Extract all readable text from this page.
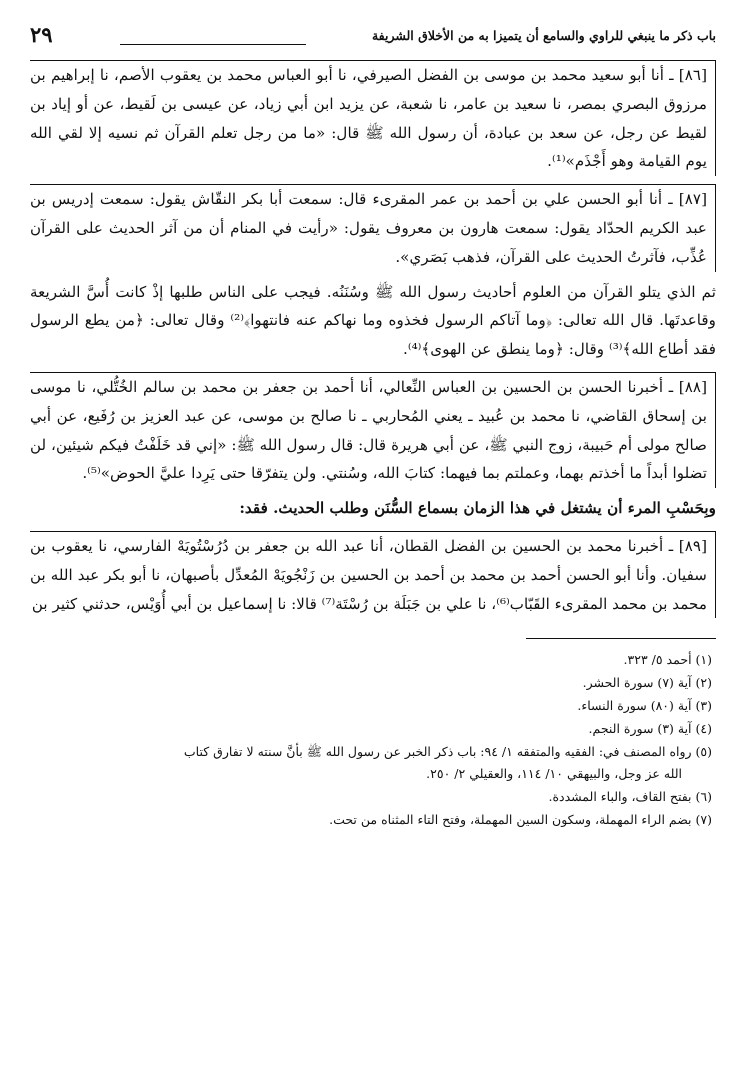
باب ذكر ما ينبغي للراوي والسامع أن يتميزا به من الأخلاق الشريفة
٢٩

[٨٦] ـ أنا أبو سعيد محمد بن موسى بن الفضل الصيرفي، نا أبو العباس محمد بن يعقوب الأصم، نا إبراهيم بن مرزوق البصري بمصر، نا سعيد بن عامر، نا شعبة، عن يزيد ابن أبي زياد، عن عيسى بن لَقيط، عن أو إياد بن لقيط عن رجل، عن سعد بن عبادة، أن رسول الله ﷺ قال: «ما من رجل تعلم القرآن ثم نسيه إلا لقي الله يوم القيامة وهو أَجْذَم»⁽¹⁾.

[٨٧] ـ أنا أبو الحسن علي بن أحمد بن عمر المقرىء قال: سمعت أبا بكر النقّاش يقول: سمعت إدريس بن عبد الكريم الحدّاد يقول: سمعت هارون بن معروف يقول: «رأيت في المنام أن من آثر الحديث على القرآن عُذِّب، فآثرتُ الحديث على القرآن، فذهب بَصَري».

ثم الذي يتلو القرآن من العلوم أحاديث رسول الله ﷺ وسُنَنُه. فيجب على الناس طلبها إذْ كانت أُسَّ الشريعة وقاعدتَها. قال الله تعالى: ﴿وما آتاكم الرسول فخذوه وما نهاكم عنه فانتهوا﴾⁽²⁾ وقال تعالى: ﴿من يطع الرسول فقد أطاع الله﴾⁽³⁾ وقال: ﴿وما ينطق عن الهوى﴾⁽⁴⁾.

[٨٨] ـ أخبرنا الحسن بن الحسين بن العباس النِّعالي، أنا أحمد بن جعفر بن محمد بن سالم الخُتُّلي، نا موسى بن إسحاق القاضي، نا محمد بن عُبيد ـ يعني المُحاربي ـ نا صالح بن موسى، عن عبد العزيز بن رُفَيع، عن أبي صالح مولى أم حَبيبة، زوج النبي ﷺ، عن أبي هريرة قال: قال رسول الله ﷺ: «إني قد خَلَفْتُ فيكم شيئين، لن تضلوا أبداً ما أخذتم بهما، وعملتم بما فيهما: كتابَ الله، وسُنتي. ولن يتفرّقا حتى يَرِدا عليَّ الحوض»⁽⁵⁾.

وبِحَسْبِ المرء أن يشتغل في هذا الزمان بسماع السُّنَن وطلب الحديث. فقد:

[٨٩] ـ أخبرنا محمد بن الحسين بن الفضل القطان، أنا عبد الله بن جعفر بن دُرُسْتُويَهْ الفارسي، نا يعقوب بن سفيان. وأنا أبو الحسن أحمد بن محمد بن أحمد بن الحسين بن زَنْجُويَهْ المُعدِّل بأصبهان، نا أبو بكر عبد الله بن محمد بن محمد المقرىء القَبّاب⁽⁶⁾، نا علي بن جَبَلَة بن رُسْتَة⁽⁷⁾ قالا: نا إسماعيل بن أبي أُوَيْس، حدثني كثير بن

(١) أحمد ٥/ ٣٢٣.

(٢) آية (٧) سورة الحشر.

(٣) آية (٨٠) سورة النساء.

(٤) آية (٣) سورة النجم.

(٥) رواه المصنف في: الفقيه والمتفقه ١/ ٩٤: باب ذكر الخبر عن رسول الله ﷺ بأنَّ سنته لا تفارق كتاب

الله عز وجل، والبيهقي ١٠/ ١١٤، والعقيلي ٢/ ٢٥٠.

(٦) بفتح القاف، والباء المشددة.

(٧) بضم الراء المهملة، وسكون السين المهملة، وفتح التاء المثناه من تحت.
